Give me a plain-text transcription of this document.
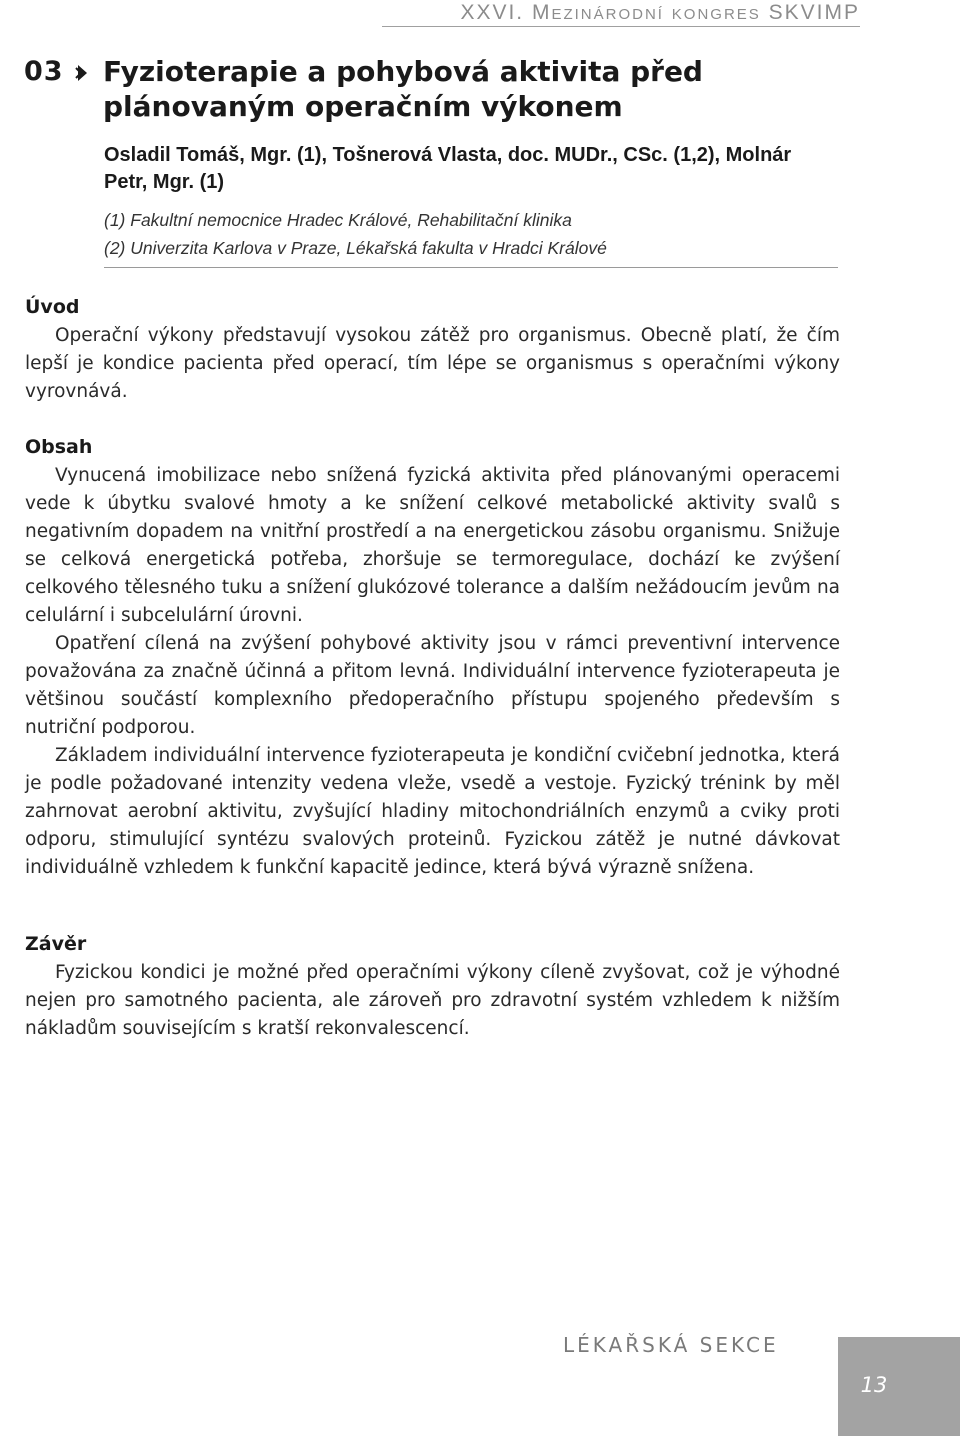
XXVI. Mezinárodní kongres SKVIMP
03 Fyzioterapie a pohybová aktivita před plánovaným operačním výkonem

Osladil Tomáš, Mgr. (1), Tošnerová Vlasta, doc. MUDr., CSc. (1,2), Molnár Petr, Mgr. (1)

(1) Fakultní nemocnice Hradec Králové, Rehabilitační klinika
(2) Univerzita Karlova v Praze, Lékařská fakulta v Hradci Králové
Úvod

Operační výkony představují vysokou zátěž pro organismus. Obecně platí, že čím lepší je kondice pacienta před operací, tím lépe se organismus s operačními výkony vyrovnává.

Obsah

Vynucená imobilizace nebo snížená fyzická aktivita před plánovanými operacemi vede k úbytku svalové hmoty a ke snížení celkové metabolické aktivity svalů s negativním dopadem na vnitřní prostředí a na energetickou zásobu organismu. Snižuje se celková energetická potřeba, zhoršuje se termoregulace, dochází ke zvýšení celkového tělesného tuku a snížení glukózové tolerance a dalším nežádoucím jevům na celulární i subcelulární úrovni.

Opatření cílená na zvýšení pohybové aktivity jsou v rámci preventivní intervence považována za značně účinná a přitom levná. Individuální intervence fyzioterapeuta je většinou součástí komplexního předoperačního přístupu spojeného především s nutriční podporou.

Základem individuální intervence fyzioterapeuta je kondiční cvičební jednotka, která je podle požadované intenzity vedena vleže, vsedě a vestoje. Fyzický trénink by měl zahrnovat aerobní aktivitu, zvyšující hladiny mitochondriálních enzymů a cviky proti odporu, stimulující syntézu svalových proteinů. Fyzickou zátěž je nutné dávkovat individuálně vzhledem k funkční kapacitě jedince, která bývá výrazně snížena.

Závěr

Fyzickou kondici je možné před operačními výkony cíleně zvyšovat, což je výhodné nejen pro samotného pacienta, ale zároveň pro zdravotní systém vzhledem k nižším nákladům souvisejícím s kratší rekonvalescencí.

LÉKAŘSKÁ SEKCE
13
